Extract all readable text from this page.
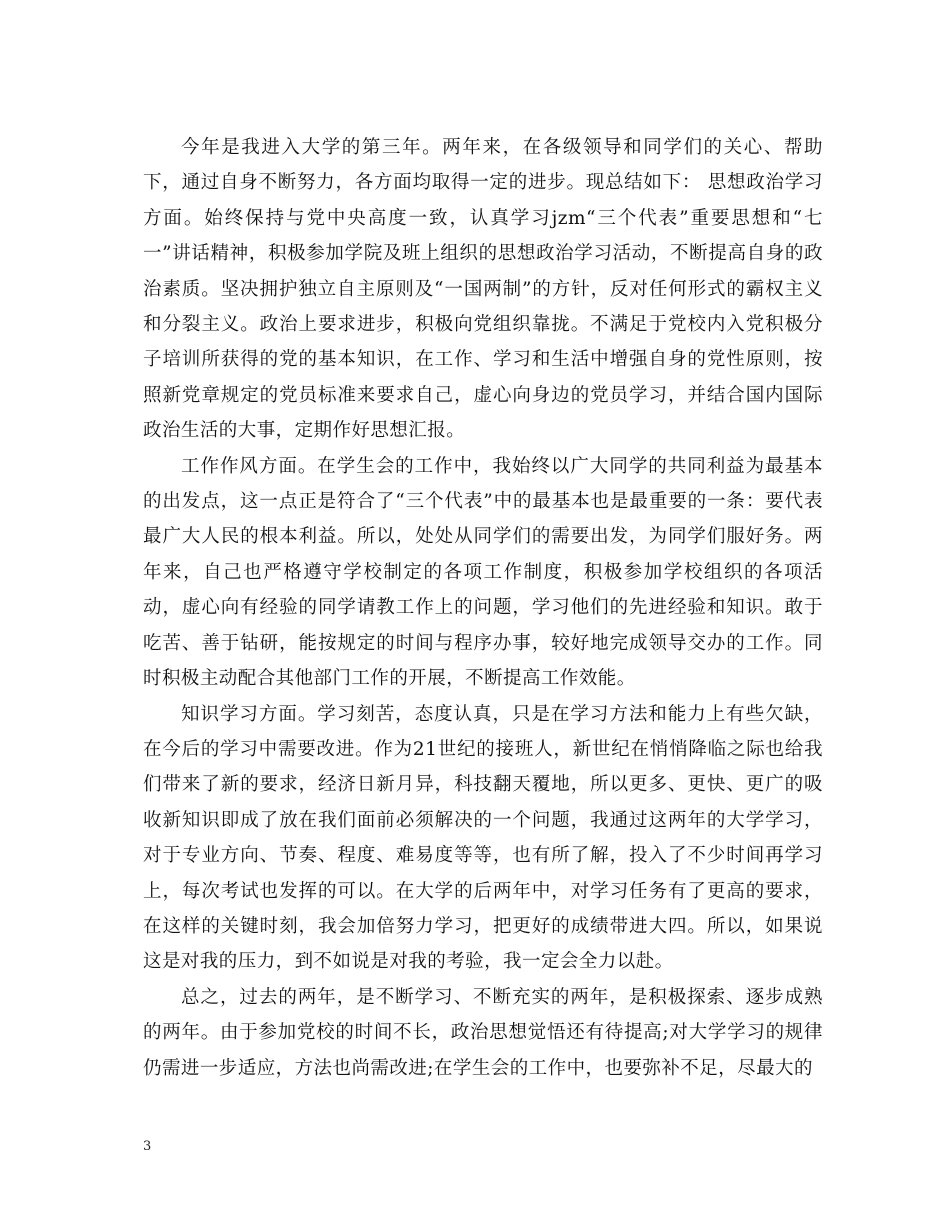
今年是我进入大学的第三年。两年来，在各级领导和同学们的关心、帮助下，通过自身不断努力，各方面均取得一定的进步。现总结如下： 思想政治学习方面。始终保持与党中央高度一致，认真学习jzm“三个代表”重要思想和“七一”讲话精神，积极参加学院及班上组织的思想政治学习活动，不断提高自身的政治素质。坚决拥护独立自主原则及“一国两制”的方针，反对任何形式的霸权主义和分裂主义。政治上要求进步，积极向党组织靠拢。不满足于党校内入党积极分子培训所获得的党的基本知识，在工作、学习和生活中增强自身的党性原则，按照新党章规定的党员标准来要求自己，虚心向身边的党员学习，并结合国内国际政治生活的大事，定期作好思想汇报。

工作作风方面。在学生会的工作中，我始终以广大同学的共同利益为最基本的出发点，这一点正是符合了“三个代表”中的最基本也是最重要的一条：要代表最广大人民的根本利益。所以，处处从同学们的需要出发，为同学们服好务。两年来，自己也严格遵守学校制定的各项工作制度，积极参加学校组织的各项活动，虚心向有经验的同学请教工作上的问题，学习他们的先进经验和知识。敢于吃苦、善于钻研，能按规定的时间与程序办事，较好地完成领导交办的工作。同时积极主动配合其他部门工作的开展，不断提高工作效能。

知识学习方面。学习刻苦，态度认真，只是在学习方法和能力上有些欠缺，在今后的学习中需要改进。作为21世纪的接班人，新世纪在悄悄降临之际也给我们带来了新的要求，经济日新月异，科技翻天覆地，所以更多、更快、更广的吸收新知识即成了放在我们面前必须解决的一个问题，我通过这两年的大学学习，对于专业方向、节奏、程度、难易度等等，也有所了解，投入了不少时间再学习上，每次考试也发挥的可以。在大学的后两年中，对学习任务有了更高的要求，在这样的关键时刻，我会加倍努力学习，把更好的成绩带进大四。所以，如果说这是对我的压力，到不如说是对我的考验，我一定会全力以赴。

总之，过去的两年，是不断学习、不断充实的两年，是积极探索、逐步成熟的两年。由于参加党校的时间不长，政治思想觉悟还有待提高;对大学学习的规律仍需进一步适应，方法也尚需改进;在学生会的工作中，也要弥补不足，尽最大的

3
